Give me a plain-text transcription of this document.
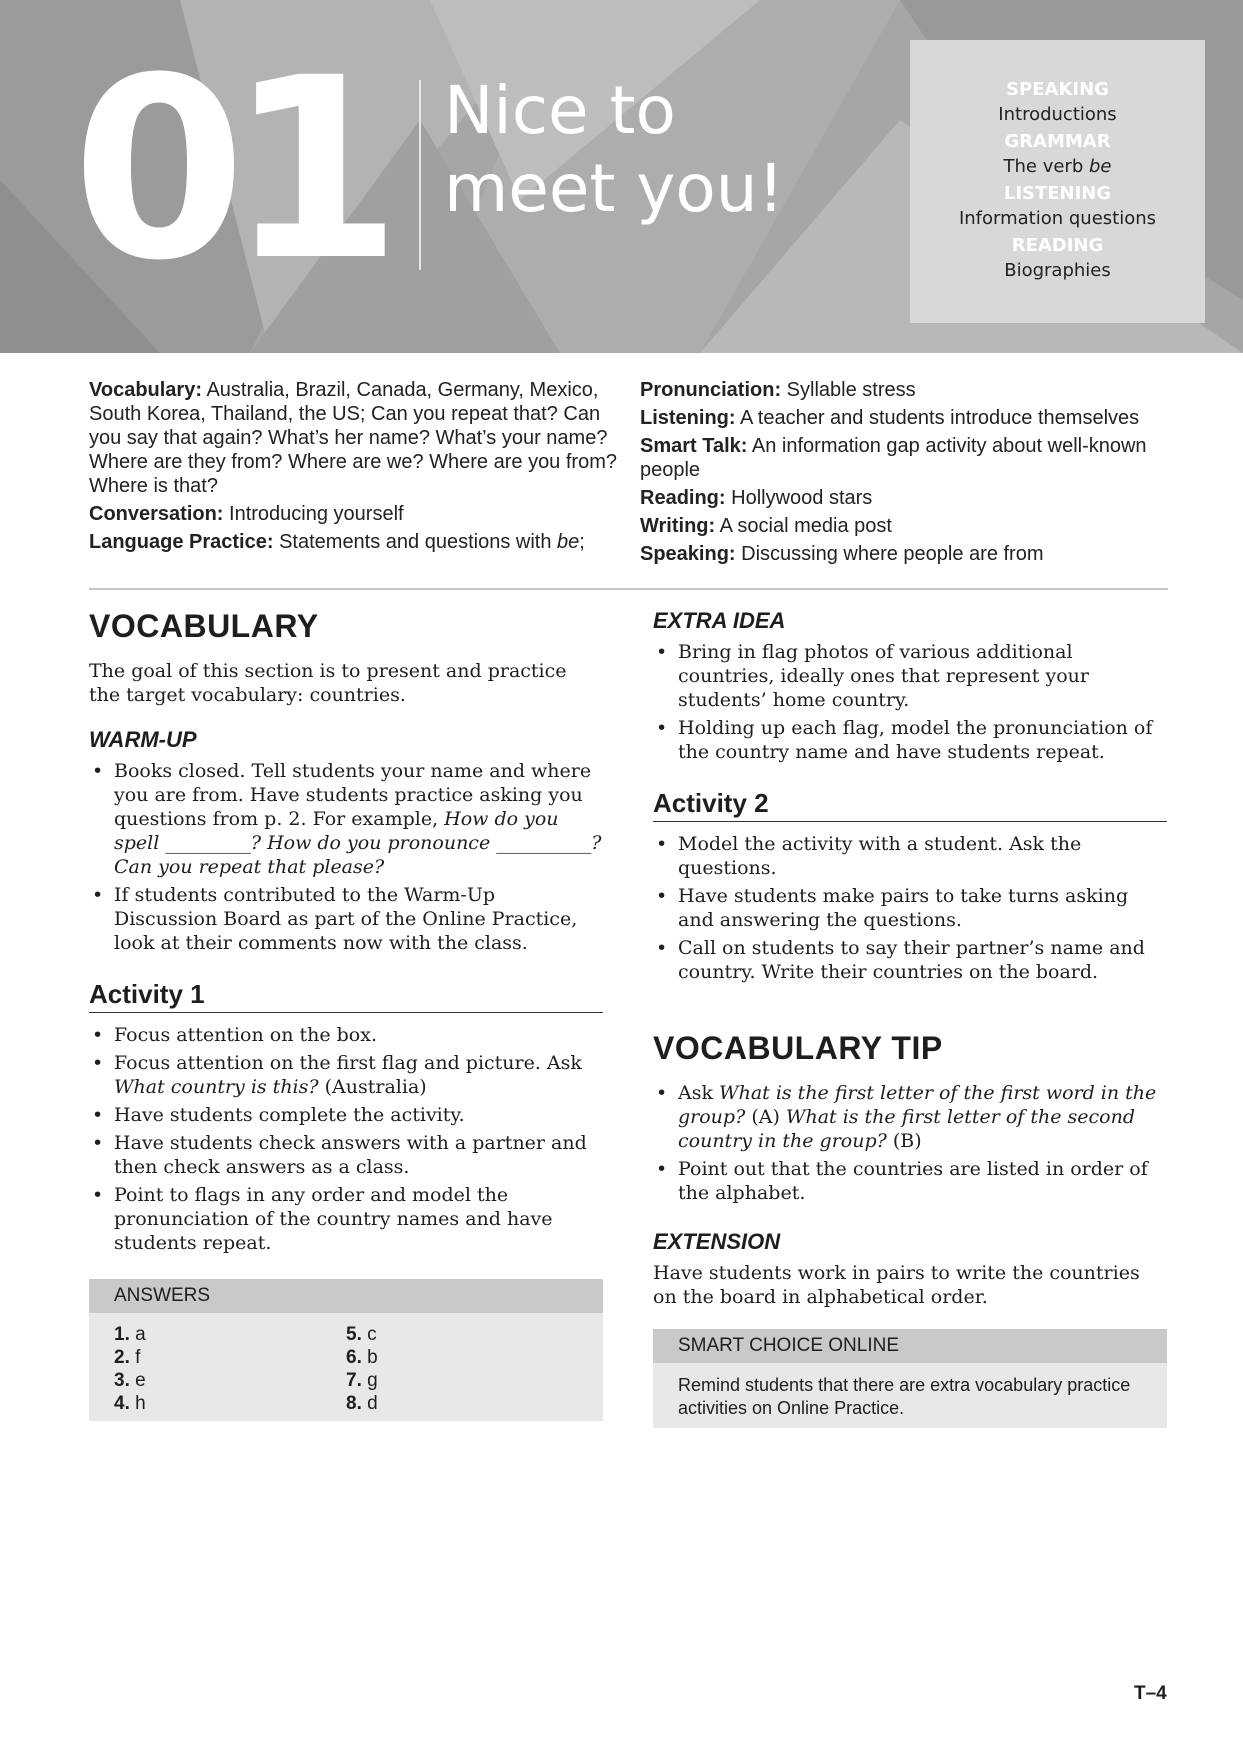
01 Nice to
meet you!
SPEAKING
Introductions
GRAMMAR
The verb be
LISTENING
Information questions
READING
Biographies

Vocabulary: Australia, Brazil, Canada, Germany, Mexico, South Korea, Thailand, the US; Can you repeat that? Can you say that again? What’s her name? What’s your name? Where are they from? Where are we? Where are you from? Where is that?

Conversation: Introducing yourself

Language Practice: Statements and questions with be;

Pronunciation: Syllable stress

Listening: A teacher and students introduce themselves

Smart Talk: An information gap activity about well-known people

Reading: Hollywood stars

Writing: A social media post

Speaking: Discussing where people are from

VOCABULARY

The goal of this section is to present and practice the target vocabulary: countries.

WARM-UP
• Books closed. Tell students your name and where you are from. Have students practice asking you questions from p. 2. For example, How do you spell _________? How do you pronounce __________? Can you repeat that please?
• If students contributed to the Warm-Up Discussion Board as part of the Online Practice, look at their comments now with the class.
Activity 1
• Focus attention on the box.
• Focus attention on the first flag and picture. Ask What country is this? (Australia)
• Have students complete the activity.
• Have students check answers with a partner and then check answers as a class.
• Point to flags in any order and model the pronunciation of the country names and have students repeat.
ANSWERS
1. a
2. f
3. e
4. h
5. c
6. b
7. g
8. d
EXTRA IDEA
• Bring in flag photos of various additional countries, ideally ones that represent your students’ home country.
• Holding up each flag, model the pronunciation of the country name and have students repeat.
Activity 2
• Model the activity with a student. Ask the questions.
• Have students make pairs to take turns asking and answering the questions.
• Call on students to say their partner’s name and country. Write their countries on the board.
VOCABULARY TIP
• Ask What is the first letter of the first word in the group? (A) What is the first letter of the second country in the group? (B)
• Point out that the countries are listed in order of the alphabet.
EXTENSION

Have students work in pairs to write the countries on the board in alphabetical order.

SMART CHOICE ONLINE
Remind students that there are extra vocabulary practice activities on Online Practice.
T–4
